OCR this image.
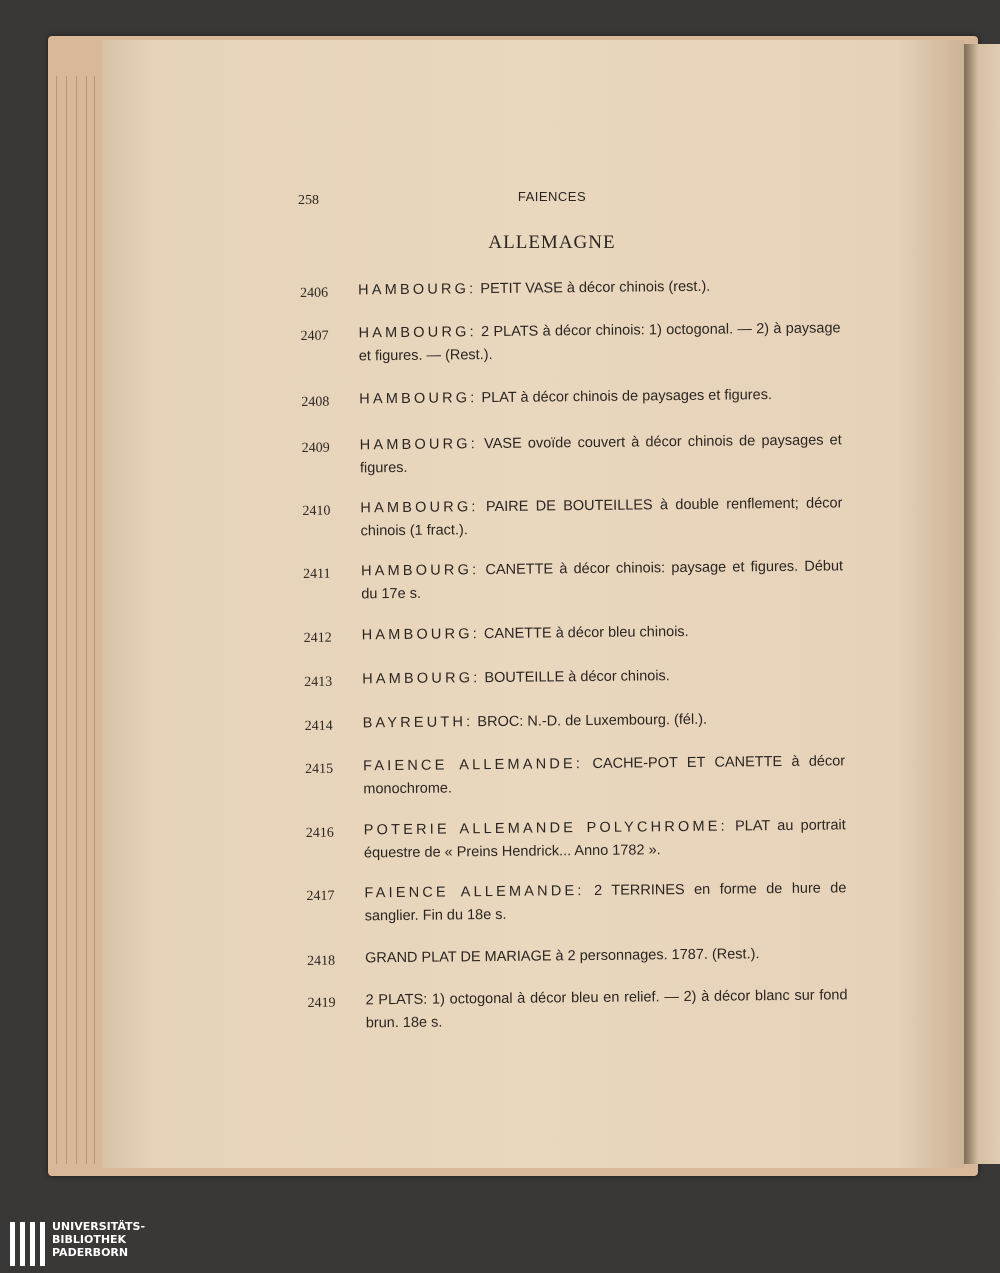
258	FAIENCES
ALLEMAGNE
2406 HAMBOURG: PETIT VASE à décor chinois (rest.).
2407 HAMBOURG: 2 PLATS à décor chinois: 1) octogonal. — 2) à paysage et figures. — (Rest.).
2408 HAMBOURG: PLAT à décor chinois de paysages et figures.
2409 HAMBOURG: VASE ovoïde couvert à décor chinois de paysages et figures.
2410 HAMBOURG: PAIRE DE BOUTEILLES à double renflement; décor chinois (1 fract.).
2411 HAMBOURG: CANETTE à décor chinois: paysage et figures. Début du 17e s.
2412 HAMBOURG: CANETTE à décor bleu chinois.
2413 HAMBOURG: BOUTEILLE à décor chinois.
2414 BAYREUTH: BROC: N.-D. de Luxembourg. (fél.).
2415 FAIENCE ALLEMANDE: CACHE-POT ET CANETTE à décor monochrome.
2416 POTERIE ALLEMANDE POLYCHROME: PLAT au portrait équestre de « Preins Hendrick... Anno 1782 ».
2417 FAIENCE ALLEMANDE: 2 TERRINES en forme de hure de sanglier. Fin du 18e s.
2418 GRAND PLAT DE MARIAGE à 2 personnages. 1787. (Rest.).
2419 2 PLATS: 1) octogonal à décor bleu en relief. — 2) à décor blanc sur fond brun. 18e s.
UNIVERSITÄTS-
BIBLIOTHEK
PADERBORN
